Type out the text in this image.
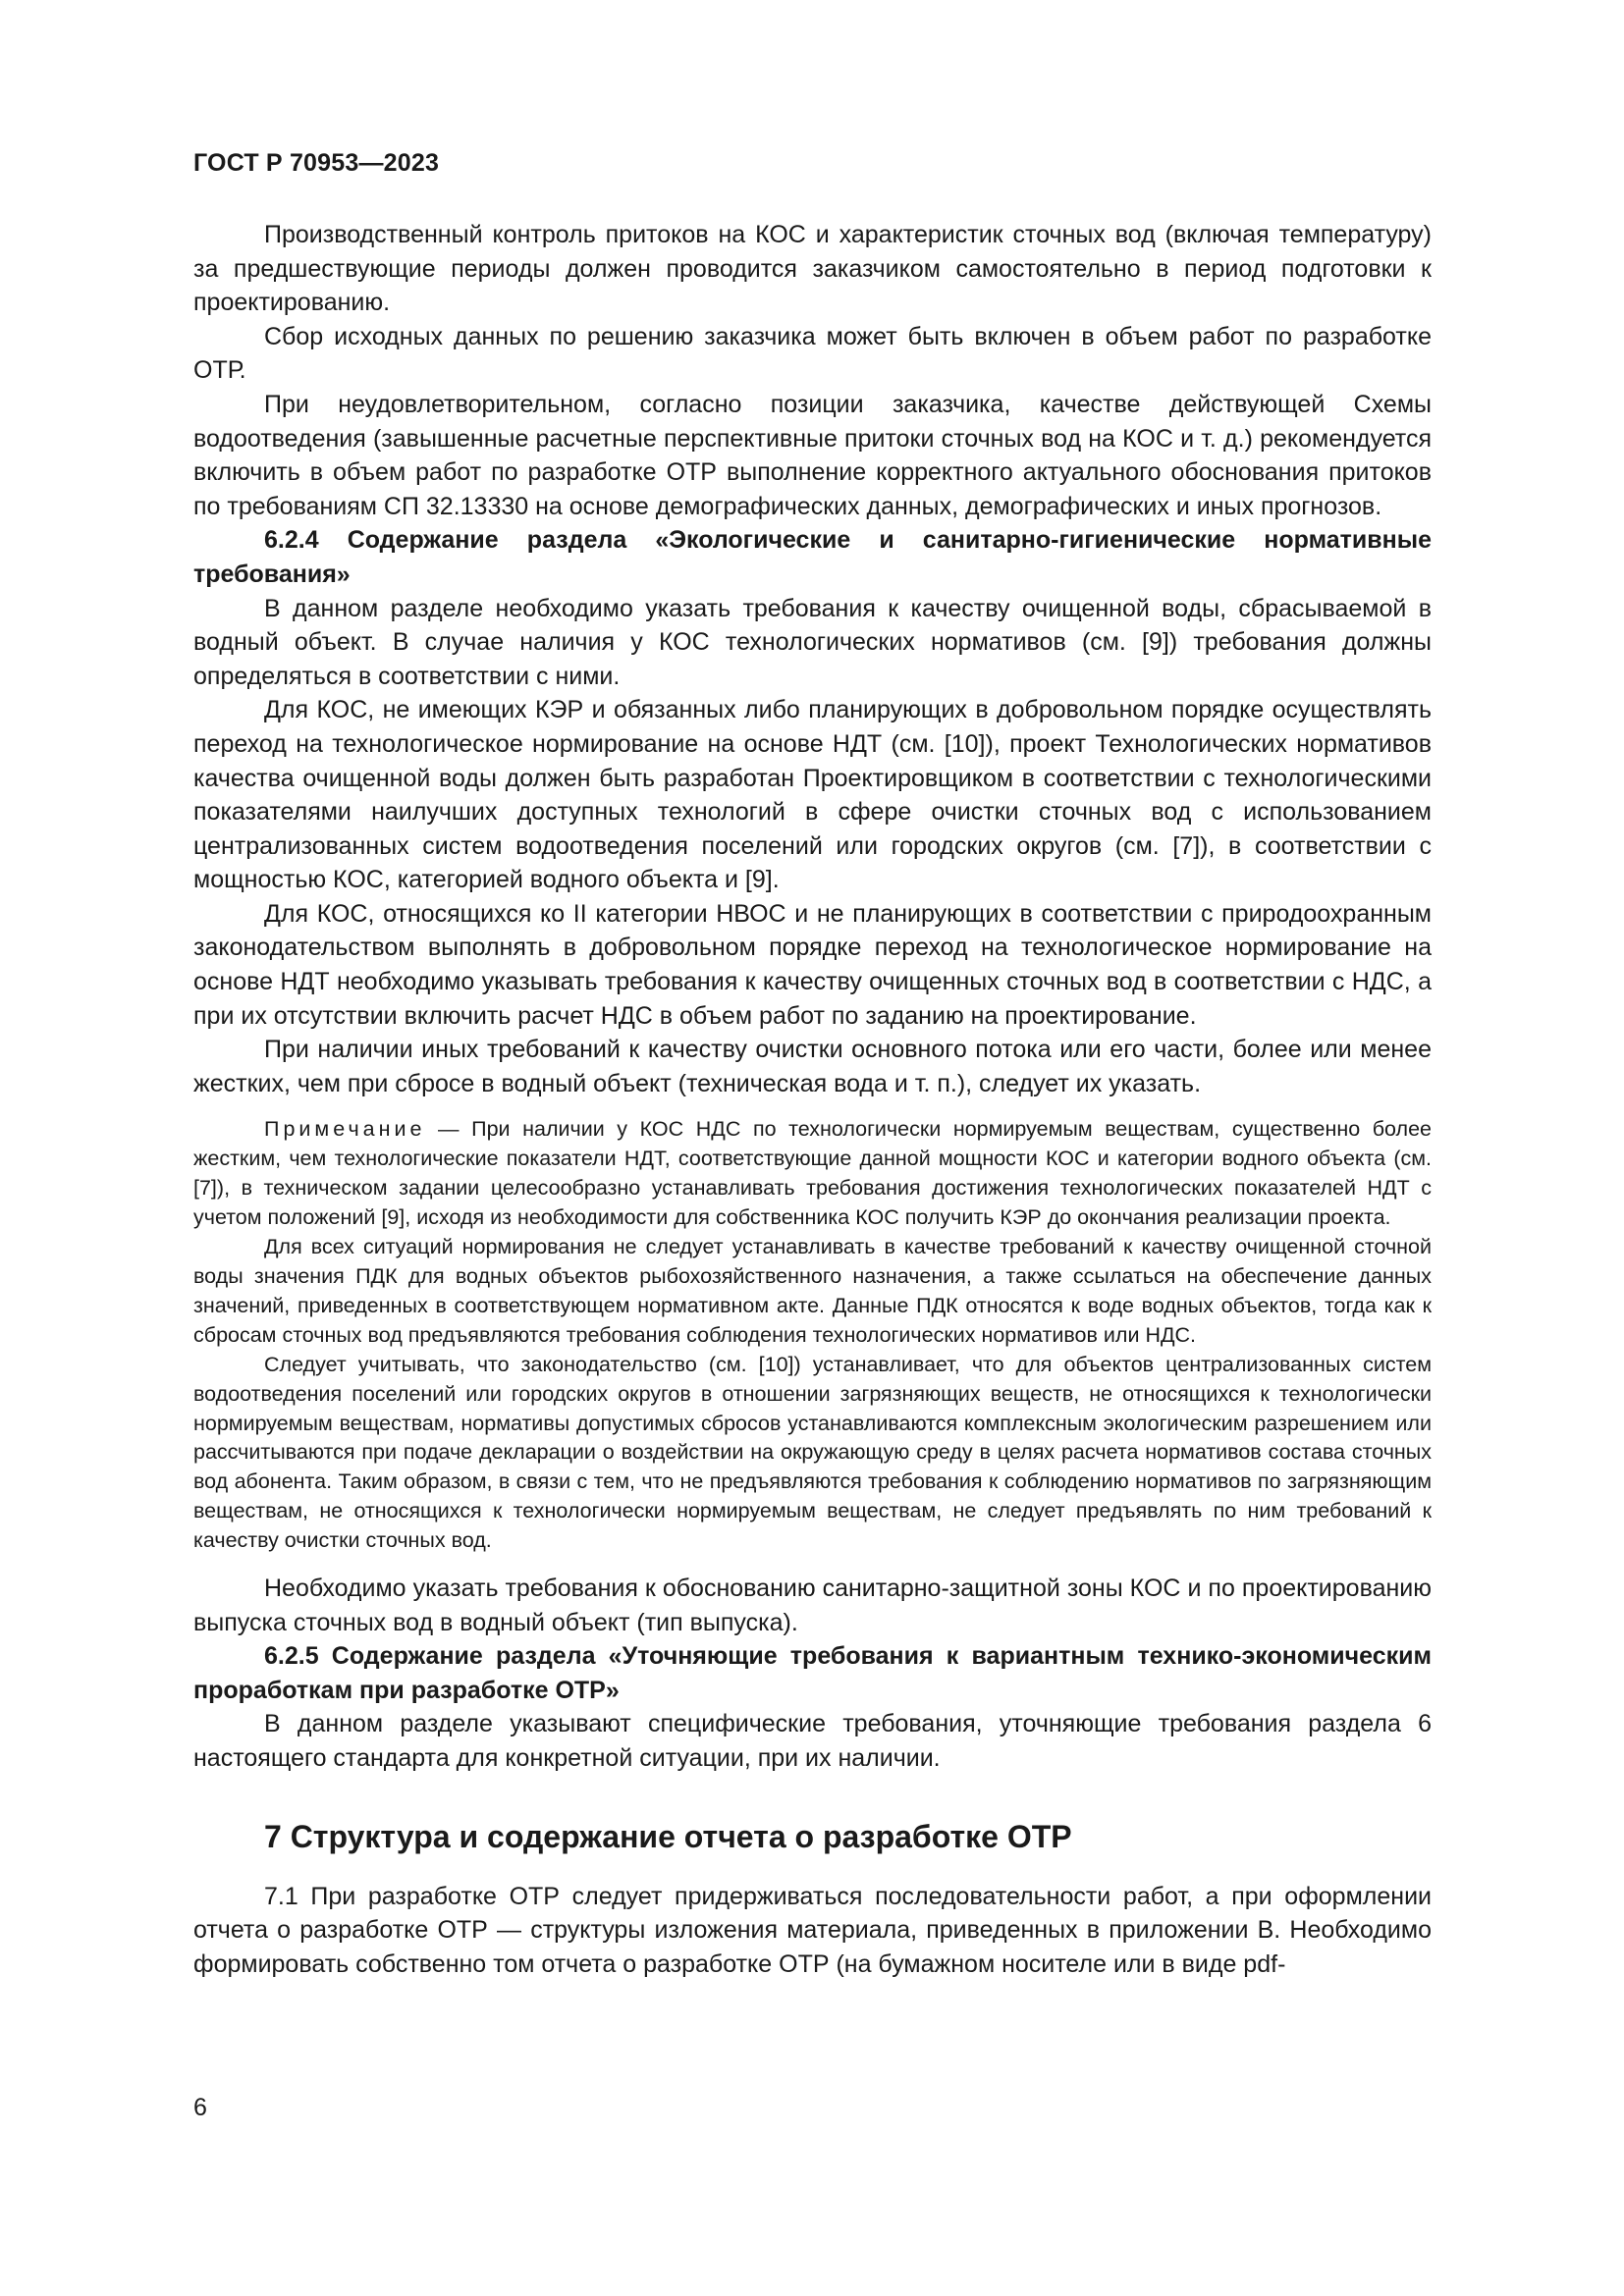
ГОСТ Р 70953—2023

Производственный контроль притоков на КОС и характеристик сточных вод (включая температуру) за предшествующие периоды должен проводится заказчиком самостоятельно в период подготовки к проектированию.

Сбор исходных данных по решению заказчика может быть включен в объем работ по разработке ОТР.

При неудовлетворительном, согласно позиции заказчика, качестве действующей Схемы водоотведения (завышенные расчетные перспективные притоки сточных вод на КОС и т. д.) рекомендуется включить в объем работ по разработке ОТР выполнение корректного актуального обоснования притоков по требованиям СП 32.13330 на основе демографических данных, демографических и иных прогнозов.

6.2.4 Содержание раздела «Экологические и санитарно-гигиенические нормативные требования»

В данном разделе необходимо указать требования к качеству очищенной воды, сбрасываемой в водный объект. В случае наличия у КОС технологических нормативов (см. [9]) требования должны определяться в соответствии с ними.

Для КОС, не имеющих КЭР и обязанных либо планирующих в добровольном порядке осуществлять переход на технологическое нормирование на основе НДТ (см. [10]), проект Технологических нормативов качества очищенной воды должен быть разработан Проектировщиком в соответствии с технологическими показателями наилучших доступных технологий в сфере очистки сточных вод с использованием централизованных систем водоотведения поселений или городских округов (см. [7]), в соответствии с мощностью КОС, категорией водного объекта и [9].

Для КОС, относящихся ко II категории НВОС и не планирующих в соответствии с природоохранным законодательством выполнять в добровольном порядке переход на технологическое нормирование на основе НДТ необходимо указывать требования к качеству очищенных сточных вод в соответствии с НДС, а при их отсутствии включить расчет НДС в объем работ по заданию на проектирование.

При наличии иных требований к качеству очистки основного потока или его части, более или менее жестких, чем при сбросе в водный объект (техническая вода и т. п.), следует их указать.

Примечание — При наличии у КОС НДС по технологически нормируемым веществам, существенно более жестким, чем технологические показатели НДТ, соответствующие данной мощности КОС и категории водного объекта (см. [7]), в техническом задании целесообразно устанавливать требования достижения технологических показателей НДТ с учетом положений [9], исходя из необходимости для собственника КОС получить КЭР до окончания реализации проекта.

Для всех ситуаций нормирования не следует устанавливать в качестве требований к качеству очищенной сточной воды значения ПДК для водных объектов рыбохозяйственного назначения, а также ссылаться на обеспечение данных значений, приведенных в соответствующем нормативном акте. Данные ПДК относятся к воде водных объектов, тогда как к сбросам сточных вод предъявляются требования соблюдения технологических нормативов или НДС.

Следует учитывать, что законодательство (см. [10]) устанавливает, что для объектов централизованных систем водоотведения поселений или городских округов в отношении загрязняющих веществ, не относящихся к технологически нормируемым веществам, нормативы допустимых сбросов устанавливаются комплексным экологическим разрешением или рассчитываются при подаче декларации о воздействии на окружающую среду в целях расчета нормативов состава сточных вод абонента. Таким образом, в связи с тем, что не предъявляются требования к соблюдению нормативов по загрязняющим веществам, не относящихся к технологически нормируемым веществам, не следует предъявлять по ним требований к качеству очистки сточных вод.

Необходимо указать требования к обоснованию санитарно-защитной зоны КОС и по проектированию выпуска сточных вод в водный объект (тип выпуска).

6.2.5 Содержание раздела «Уточняющие требования к вариантным технико-экономическим проработкам при разработке ОТР»

В данном разделе указывают специфические требования, уточняющие требования раздела 6 настоящего стандарта для конкретной ситуации, при их наличии.

7 Структура и содержание отчета о разработке ОТР

7.1 При разработке ОТР следует придерживаться последовательности работ, а при оформлении отчета о разработке ОТР — структуры изложения материала, приведенных в приложении В. Необходимо формировать собственно том отчета о разработке ОТР (на бумажном носителе или в виде pdf-

6
